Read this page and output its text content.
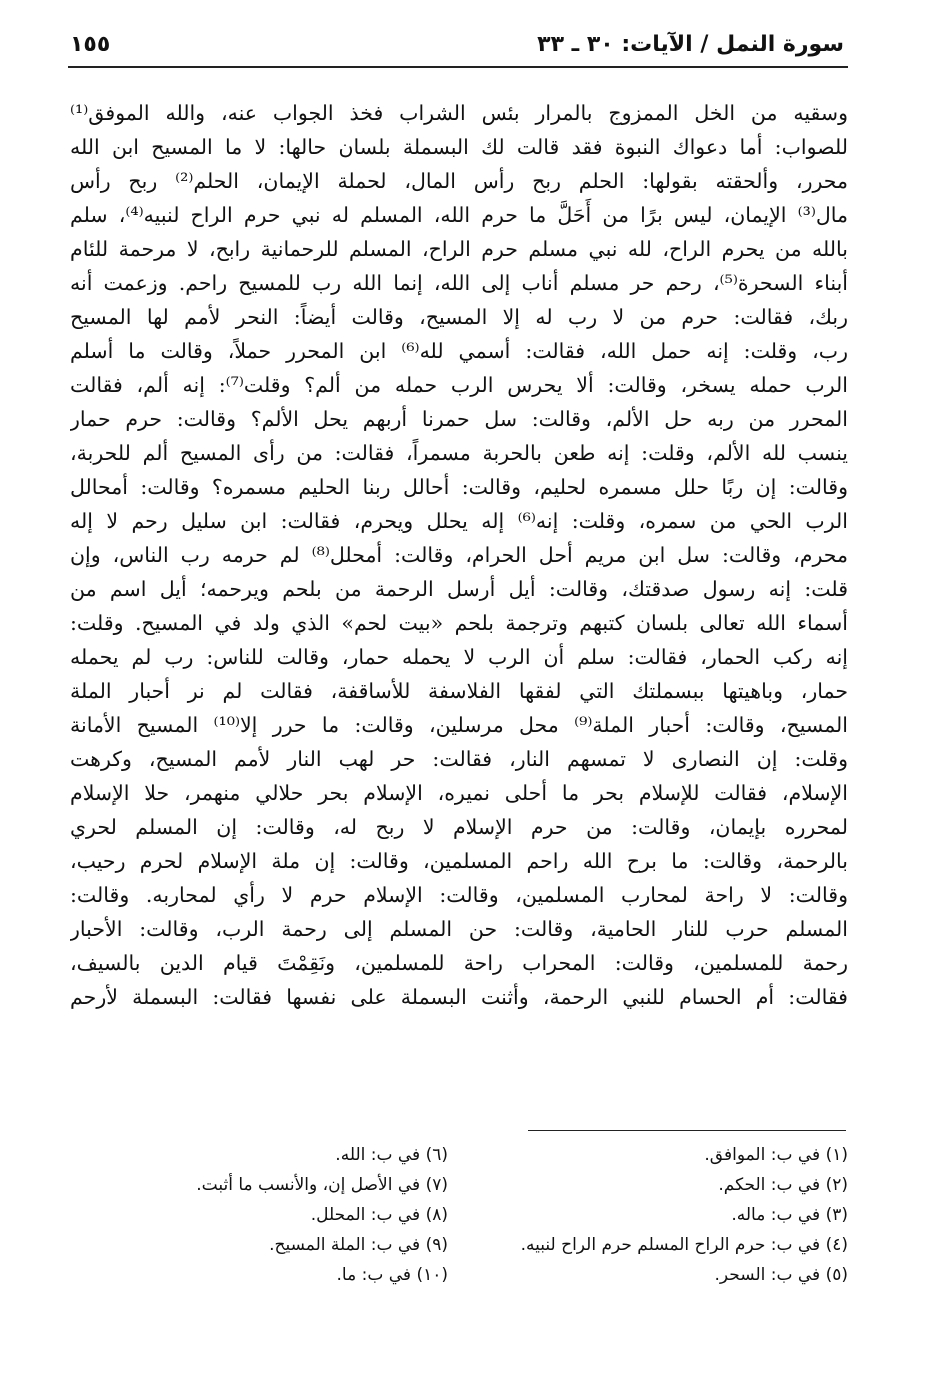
سورة النمل / الآيات: ٣٠ ـ ٣٣
١٥٥
وسقيه من الخل الممزوج بالمرار بئس الشراب فخذ الجواب عنه، والله الموفق⁽¹⁾
للصواب: أما دعواك النبوة فقد قالت لك البسملة بلسان حالها: لا ما المسيح ابن الله
محرر، وألحقته بقولها: الحلم ربح رأس المال، لحملة الإيمان، الحلم⁽²⁾ ربح رأس
مال⁽³⁾ الإيمان، ليس برًا من أَحَلَّ ما حرم الله، المسلم له نبي حرم الراح لنبيه⁽⁴⁾، سلم
بالله من يحرم الراح، لله نبي مسلم حرم الراح، المسلم للرحمانية رابح، لا مرحمة للئام
أبناء السحرة⁽⁵⁾، رحم حر مسلم أناب إلى الله، إنما الله رب للمسيح راحم. وزعمت أنه
ربك، فقالت: حرم من لا رب له إلا المسيح، وقالت أيضاً: النحر لأمم لها المسيح
رب، وقلت: إنه حمل الله، فقالت: أسمي لله⁽⁶⁾ ابن المحرر حملاً، وقالت ما أسلم
الرب حمله يسخر، وقالت: ألا يحرس الرب حمله من ألم؟ وقلت⁽⁷⁾: إنه ألم، فقالت
المحرر من ربه حل الألم، وقالت: سل حمرنا أربهم يحل الألم؟ وقالت: حرم حمار
ينسب لله الألم، وقلت: إنه طعن بالحربة مسمراً، فقالت: من رأى المسيح ألم للحربة،
وقالت: إن ربًا حلل مسمره لحليم، وقالت: أحالل ربنا الحليم مسمره؟ وقالت: أمحالل
الرب الحي من سمره، وقلت: إنه⁽⁶⁾ إله يحلل ويحرم، فقالت: ابن سليل رحم لا إله
محرم، وقالت: سل ابن مريم أحل الحرام، وقالت: أمحلل⁽⁸⁾ لم حرمه رب الناس، وإن
قلت: إنه رسول صدقتك، وقالت: أيل أرسل الرحمة من بلحم ويرحمه؛ أيل اسم من
أسماء الله تعالى بلسان كتبهم وترجمة بلحم «بيت لحم» الذي ولد في المسيح. وقلت:
إنه ركب الحمار، فقالت: سلم أن الرب لا يحمله حمار، وقالت للناس: رب لم يحمله
حمار، وباهيتها ببسملتك التي لفقها الفلاسفة للأساقفة، فقالت لم نر أحبار الملة
المسيح، وقالت: أحبار الملة⁽⁹⁾ محل مرسلين، وقالت: ما حرر إلا⁽¹⁰⁾ المسيح الأمانة
وقلت: إن النصارى لا تمسهم النار، فقالت: حر لهب النار لأمم المسيح، وكرهت
الإسلام، فقالت للإسلام بحر ما أحلى نميره، الإسلام بحر حلالي منهمر، حلا الإسلام
لمحرره بإيمان، وقالت: من حرم الإسلام لا ربح له، وقالت: إن المسلم لحري
بالرحمة، وقالت: ما برح الله راحم المسلمين، وقالت: إن ملة الإسلام لحرم رحيب،
وقالت: لا راحة لمحارب المسلمين، وقالت: الإسلام حرم لا رأي لمحاربه. وقالت:
المسلم حرب للنار الحامية، وقالت: حن المسلم إلى رحمة الرب، وقالت: الأحبار
رحمة للمسلمين، وقالت: المحراب راحة للمسلمين، ونَقِمْتَ قيام الدين بالسيف،
فقالت: أم الحسام للنبي الرحمة، وأثنت البسملة على نفسها فقالت: البسملة لأرحم
(١) في ب: الموافق.
(٢) في ب: الحكم.
(٣) في ب: ماله.
(٤) في ب: حرم الراح المسلم حرم الراح لنبيه.
(٥) في ب: السحر.
(٦) في ب: الله.
(٧) في الأصل إن، والأنسب ما أثبت.
(٨) في ب: المحلل.
(٩) في ب: الملة المسيح.
(١٠) في ب: ما.
